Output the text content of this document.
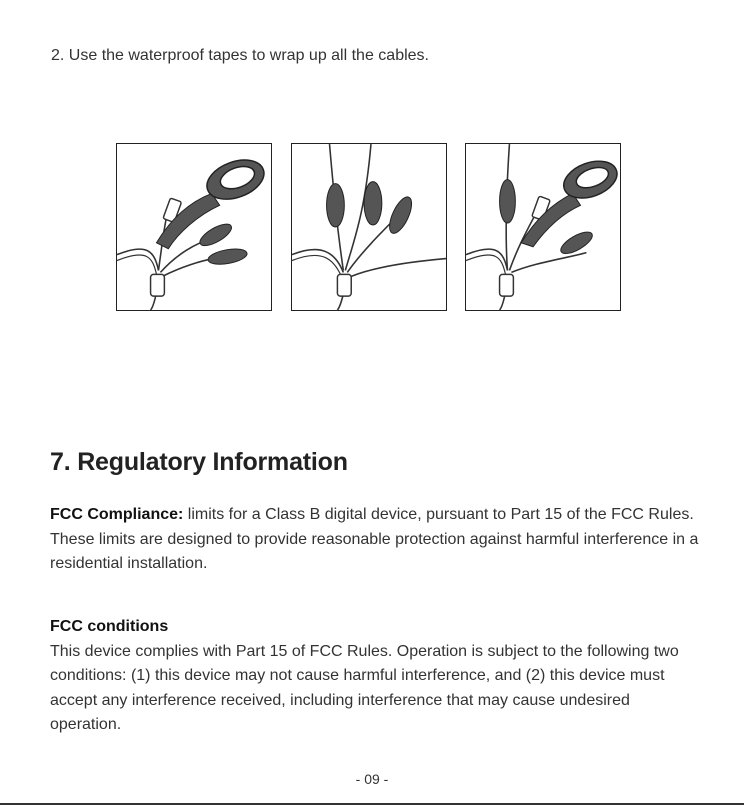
2. Use the waterproof tapes to wrap up all the cables.

7. Regulatory Information

FCC Compliance: limits for a Class B digital device, pursuant to Part 15 of the FCC Rules. These limits are designed to provide reasonable protection against harmful interference in a residential installation.

FCC conditions
This device complies with Part 15 of FCC Rules. Operation is subject to the following two conditions: (1) this device may not cause harmful interference, and (2) this device must accept any interference received, including interference that may cause undesired operation.

- 09 -
